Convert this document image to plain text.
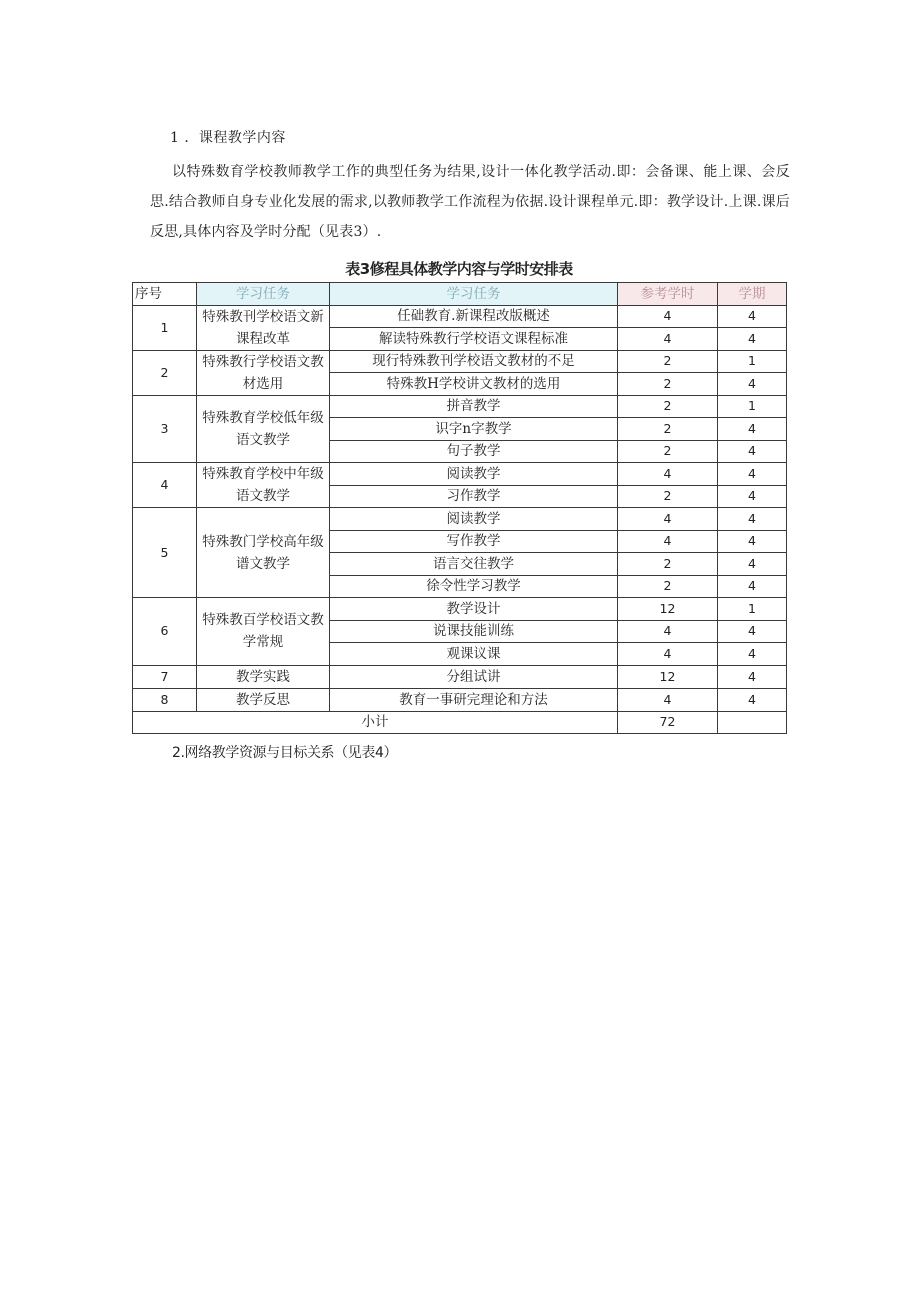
1 ．课程教学内容
以特殊数育学校教师教学工作的典型任务为结果,设计一体化教学活动.即：会备课、能上课、会反思.结合教师自身专业化发展的需求,以教师教学工作流程为依据.设计课程单元.即：教学设计.上课.课后反思,具体内容及学时分配（见表3）.
表3修程具体教学内容与学时安排表
序号	学习任务	学习任务	参考学时	学期
1	特殊教刊学校语文新课程改革	任础教育.新课程改版概述	4	4
		解读特殊教行学校语文课程标准	4	4
2	特殊教行学校语文教材选用	现行特殊教刊学校语文教材的不足	2	1
		特殊教H学校讲文教材的选用	2	4
3	特殊教育学校低年级语文教学	拼音教学	2	1
		识字n字教学	2	4
		句子教学	2	4
4	特殊教育学校中年级语文教学	阅读教学	4	4
		习作教学	2	4
5	特殊教门学校高年级谱文教学	阅读教学	4	4
		写作教学	4	4
		语言交往教学	2	4
		徐令性学习教学	2	4
6	特殊教百学校语文教学常规	教学设计	12	1
		说课技能训练	4	4
		观课议课	4	4
7	教学实践	分组试讲	12	4
8	教学反思	教育一事研完理论和方法	4	4
小计			72	
2.网络教学资源与目标关系（见表4）
